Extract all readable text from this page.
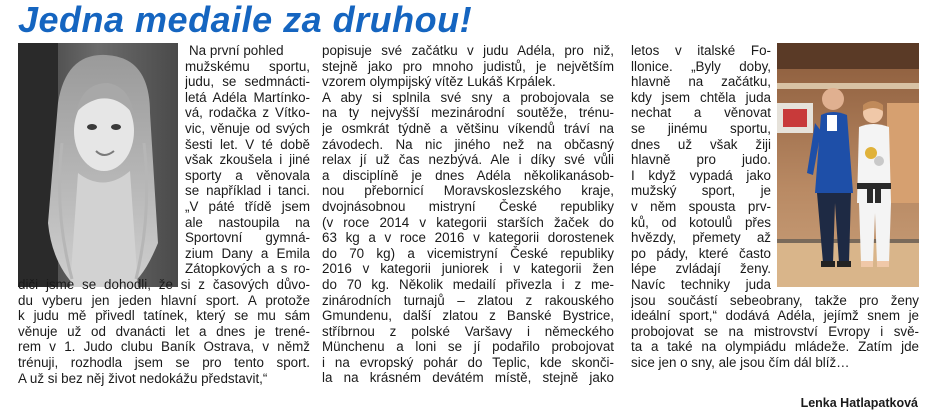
Jedna medaile za druhou!
Na první pohled
mužskému sportu,
judu, se sedmnácti-
letá Adéla Martínko-
vá, rodačka z Vítko-
vic, věnuje od svých
šesti let. V té době
však zkoušela i jiné
sporty a věnovala
se například i tanci.
„V páté třídě jsem
ale nastoupila na
Sportovní gymná-
zium Dany a Emila
Zátopkových a s ro-
diči jsme se dohodli, že si z časových důvo-
du vyberu jen jeden hlavní sport. A protože
k judu mě přivedl tatínek, který se mu sám
věnuje už od dvanácti let a dnes je trené-
rem v 1. Judo clubu Baník Ostrava, v němž
trénuji, rozhodla jsem se pro tento sport.
A už si bez něj život nedokážu představit,“
popisuje své začátku v judu Adéla, pro niž,
stejně jako pro mnoho judistů, je největším
vzorem olympijský vítěz Lukáš Krpálek.
A aby si splnila své sny a probojovala se
na ty nejvyšší mezinárodní soutěže, trénu-
je osmkrát týdně a většinu víkendů tráví na
závodech. Na nic jiného než na občasný
relax jí už čas nezbývá. Ale i díky své vůli
a disciplíně je dnes Adéla několikanásob-
nou přebornicí Moravskoslezského kraje,
dvojnásobnou mistryní České republiky
(v roce 2014 v kategorii starších žaček do
63 kg a v roce 2016 v kategorii dorostenek
do 70 kg) a vicemistryní České republiky
2016 v kategorii juniorek i v kategorii žen
do 70 kg. Několik medailí přivezla i z me-
zinárodních turnajů – zlatou z rakouského
Gmundenu, další zlatou z Banské Bystrice,
stříbrnou z polské Varšavy i německého
Münchenu a loni se jí podařilo probojovat
i na evropský pohár do Teplic, kde skonči-
la na krásném devátém místě, stejně jako
letos v italské Fo-
llonice. „Byly doby,
hlavně na začátku,
kdy jsem chtěla juda
nechat a věnovat
se jinému sportu,
dnes už však žiji
hlavně pro judo.
I když vypadá jako
mužský sport, je
v něm spousta prv-
ků, od kotoulů přes
hvězdy, přemety až
po pády, které často
lépe zvládají ženy.
Navíc techniky juda
jsou součástí sebeobrany, takže pro ženy
ideální sport,“ dodává Adéla, jejímž snem je
probojovat se na mistrovství Evropy i svě-
ta a také na olympiádu mládeže. Zatím jde
sice jen o sny, ale jsou čím dál blíž…
Lenka Hatlapatková
